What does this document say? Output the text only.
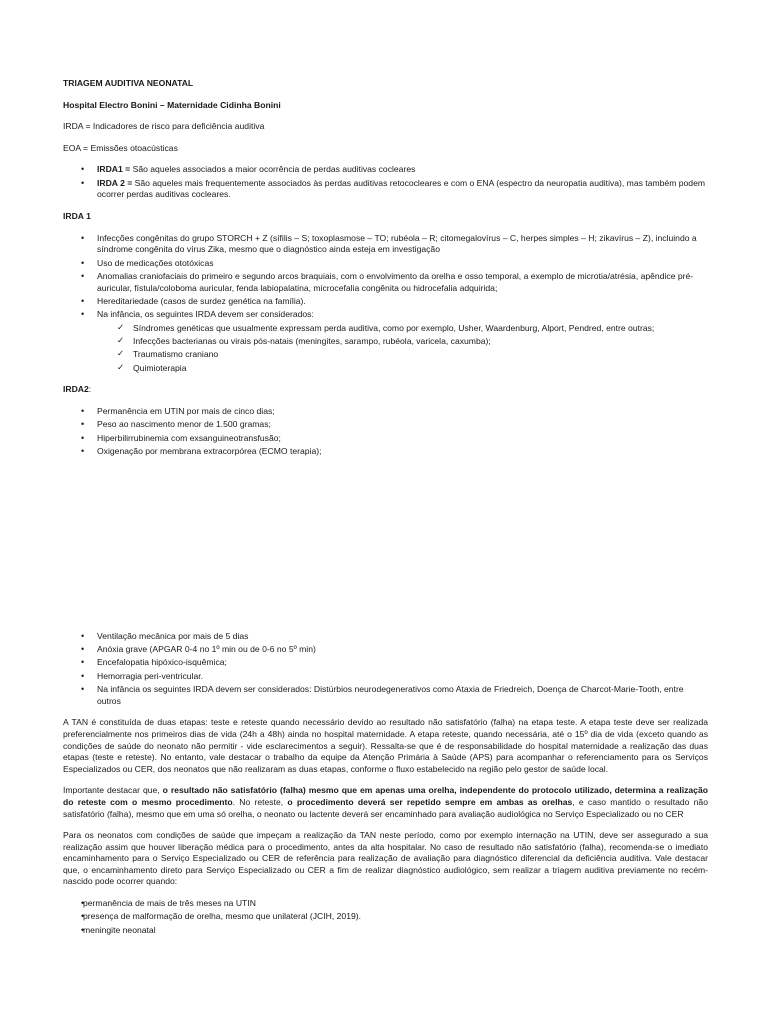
TRIAGEM AUDITIVA NEONATAL

Hospital Electro Bonini – Maternidade Cidinha Bonini

IRDA = Indicadores de risco para deficiência auditiva

EOA = Emissões otoacústicas

• IRDA1 = São aqueles associados a maior ocorrência de perdas auditivas cocleares
• IRDA 2 = São aqueles mais frequentemente associados às perdas auditivas retococleares e com o ENA (espectro da neuropatia auditiva), mas também podem ocorrer perdas auditivas cocleares.

IRDA 1

• Infecções congênitas do grupo STORCH + Z (sífilis – S; toxoplasmose – TO; rubéola – R; citomegalovírus – C, herpes simples – H; zikavírus – Z), incluindo a síndrome congênita do vírus Zika, mesmo que o diagnóstico ainda esteja em investigação
• Uso de medicações ototóxicas
• Anomalias craniofaciais do primeiro e segundo arcos braquiais, com o envolvimento da orelha e osso temporal, a exemplo de microtia/atrésia, apêndice pré-auricular, fístula/coloboma auricular, fenda labiopalatina, microcefalia congênita ou hidrocefalia adquirida;
• Hereditariedade (casos de surdez genética na família).
• Na infância, os seguintes IRDA devem ser considerados:
✓ Síndromes genéticas que usualmente expressam perda auditiva, como por exemplo, Usher, Waardenburg, Alport, Pendred, entre outras;
✓ Infecções bacterianas ou virais pós-natais (meningites, sarampo, rubéola, varicela, caxumba);
✓ Traumatismo craniano
✓ Quimioterapia

IRDA2:

• Permanência em UTIN por mais de cinco dias;
• Peso ao nascimento menor de 1.500 gramas;
• Hiperbilirrubinemia com exsanguineotransfusão;
• Oxigenação por membrana extracorpórea (ECMO terapia);
• Ventilação mecânica por mais de 5 dias
• Anóxia grave (APGAR 0-4 no 1º min ou de 0-6 no 5º min)
• Encefalopatia hipóxico-isquêmica;
• Hemorragia peri-ventricular.
• Na infância os seguintes IRDA devem ser considerados: Distúrbios neurodegenerativos como Ataxia de Friedreich, Doença de Charcot-Marie-Tooth, entre outros

A TAN é constituída de duas etapas: teste e reteste quando necessário devido ao resultado não satisfatório (falha) na etapa teste. A etapa teste deve ser realizada preferencialmente nos primeiros dias de vida (24h a 48h) ainda no hospital maternidade. A etapa reteste, quando necessária, até o 15º dia de vida (exceto quando as condições de saúde do neonato não permitir - vide esclarecimentos a seguir). Ressalta-se que é de responsabilidade do hospital maternidade a realização das duas etapas (teste e reteste). No entanto, vale destacar o trabalho da equipe da Atenção Primária à Saúde (APS) para acompanhar o referenciamento para os Serviços Especializados ou CER, dos neonatos que não realizaram as duas etapas, conforme o fluxo estabelecido na região pelo gestor de saúde local.

Importante destacar que, o resultado não satisfatório (falha) mesmo que em apenas uma orelha, independente do protocolo utilizado, determina a realização do reteste com o mesmo procedimento. No reteste, o procedimento deverá ser repetido sempre em ambas as orelhas, e caso mantido o resultado não satisfatório (falha), mesmo que em uma só orelha, o neonato ou lactente deverá ser encaminhado para avaliação audiológica no Serviço Especializado ou no CER

Para os neonatos com condições de saúde que impeçam a realização da TAN neste período, como por exemplo internação na UTIN, deve ser assegurado a sua realização assim que houver liberação médica para o procedimento, antes da alta hospitalar. No caso de resultado não satisfatório (falha), recomenda-se o imediato encaminhamento para o Serviço Especializado ou CER de referência para realização de avaliação para diagnóstico diferencial da deficiência auditiva. Vale destacar que, o encaminhamento direto para Serviço Especializado ou CER a fim de realizar diagnóstico audiológico, sem realizar a triagem auditiva previamente no recém-nascido pode ocorrer quando:

• permanência de mais de três meses na UTIN
• presença de malformação de orelha, mesmo que unilateral (JCIH, 2019).
• meningite neonatal
